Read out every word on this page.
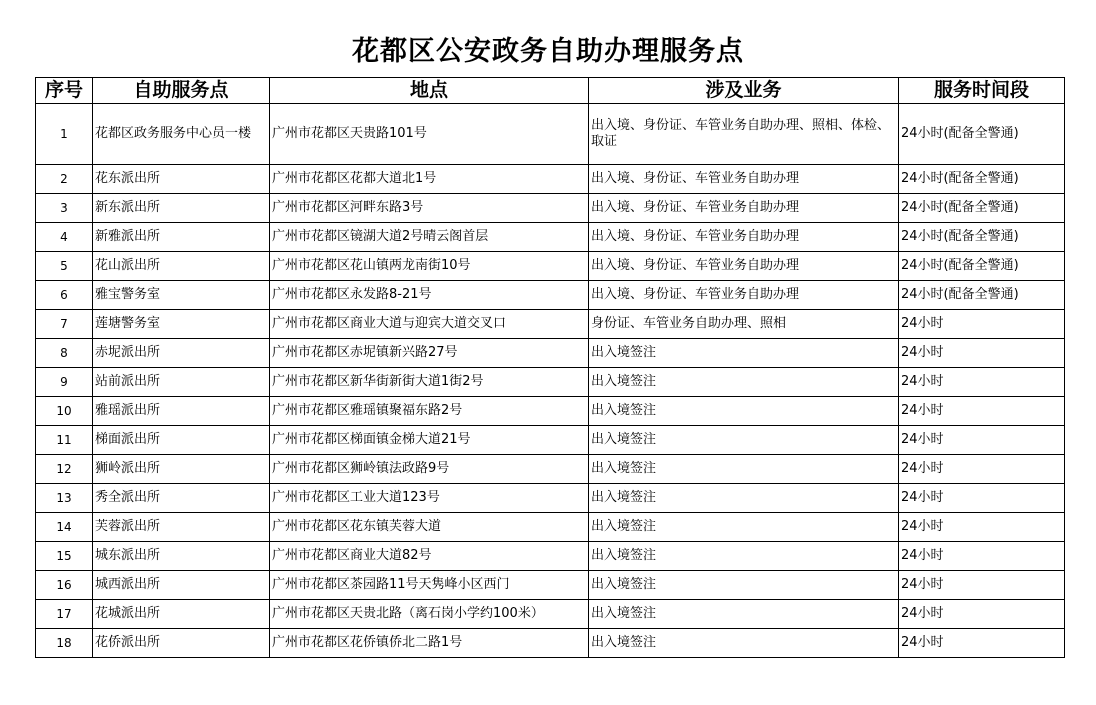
花都区公安政务自助办理服务点
序号	自助服务点	地点	涉及业务	服务时间段
1	花都区政务服务中心员一楼	广州市花都区天贵路101号	出入境、身份证、车管业务自助办理、照相、体检、取证	24小时(配备全警通)
2	花东派出所	广州市花都区花都大道北1号	出入境、身份证、车管业务自助办理	24小时(配备全警通)
3	新东派出所	广州市花都区河畔东路3号	出入境、身份证、车管业务自助办理	24小时(配备全警通)
4	新雅派出所	广州市花都区镜湖大道2号晴云阁首层	出入境、身份证、车管业务自助办理	24小时(配备全警通)
5	花山派出所	广州市花都区花山镇两龙南街10号	出入境、身份证、车管业务自助办理	24小时(配备全警通)
6	雅宝警务室	广州市花都区永发路8-21号	出入境、身份证、车管业务自助办理	24小时(配备全警通)
7	莲塘警务室	广州市花都区商业大道与迎宾大道交叉口	身份证、车管业务自助办理、照相	24小时
8	赤坭派出所	广州市花都区赤坭镇新兴路27号	出入境签注	24小时
9	站前派出所	广州市花都区新华街新街大道1街2号	出入境签注	24小时
10	雅瑶派出所	广州市花都区雅瑶镇聚福东路2号	出入境签注	24小时
11	梯面派出所	广州市花都区梯面镇金梯大道21号	出入境签注	24小时
12	狮岭派出所	广州市花都区狮岭镇法政路9号	出入境签注	24小时
13	秀全派出所	广州市花都区工业大道123号	出入境签注	24小时
14	芙蓉派出所	广州市花都区花东镇芙蓉大道	出入境签注	24小时
15	城东派出所	广州市花都区商业大道82号	出入境签注	24小时
16	城西派出所	广州市花都区茶园路11号天隽峰小区西门	出入境签注	24小时
17	花城派出所	广州市花都区天贵北路（离石岗小学约100米）	出入境签注	24小时
18	花侨派出所	广州市花都区花侨镇侨北二路1号	出入境签注	24小时
